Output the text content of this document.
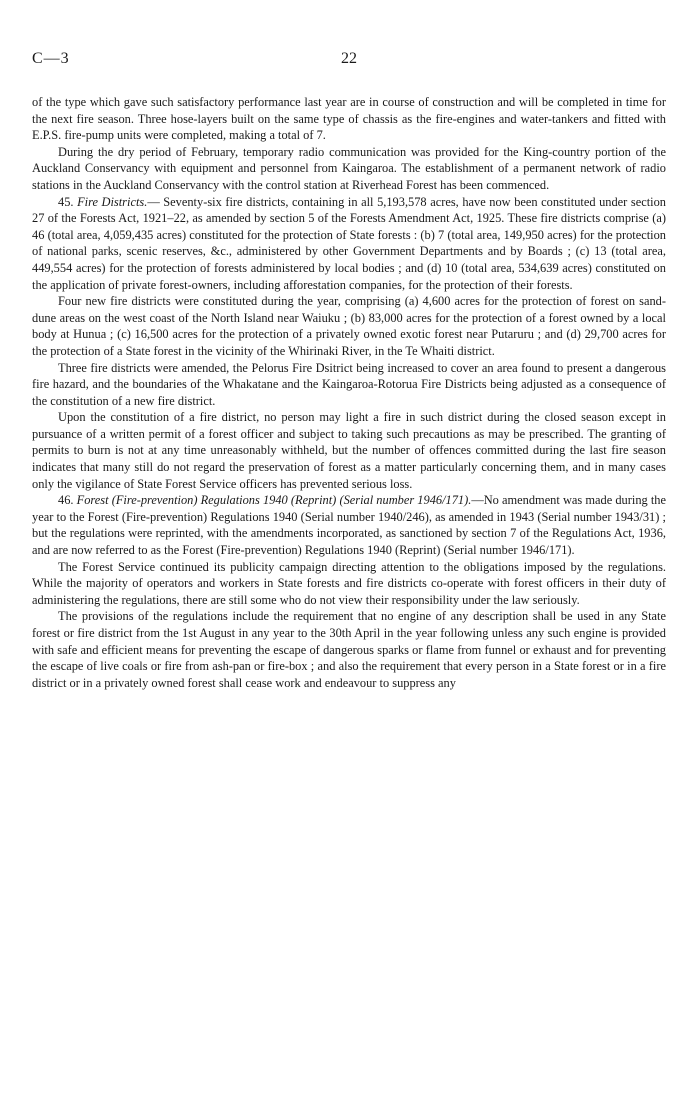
C—3	22

of the type which gave such satisfactory performance last year are in course of construction and will be completed in time for the next fire season. Three hose-layers built on the same type of chassis as the fire-engines and water-tankers and fitted with E.P.S. fire-pump units were completed, making a total of 7.

During the dry period of February, temporary radio communication was provided for the King-country portion of the Auckland Conservancy with equipment and personnel from Kaingaroa. The establishment of a permanent network of radio stations in the Auckland Conservancy with the control station at Riverhead Forest has been commenced.

45. Fire Districts.— Seventy-six fire districts, containing in all 5,193,578 acres, have now been constituted under section 27 of the Forests Act, 1921–22, as amended by section 5 of the Forests Amendment Act, 1925. These fire districts comprise (a) 46 (total area, 4,059,435 acres) constituted for the protection of State forests : (b) 7 (total area, 149,950 acres) for the protection of national parks, scenic reserves, &c., administered by other Government Departments and by Boards ; (c) 13 (total area, 449,554 acres) for the protection of forests administered by local bodies ; and (d) 10 (total area, 534,639 acres) constituted on the application of private forest-owners, including afforestation companies, for the protection of their forests.

Four new fire districts were constituted during the year, comprising (a) 4,600 acres for the protection of forest on sand-dune areas on the west coast of the North Island near Waiuku ; (b) 83,000 acres for the protection of a forest owned by a local body at Hunua ; (c) 16,500 acres for the protection of a privately owned exotic forest near Putaruru ; and (d) 29,700 acres for the protection of a State forest in the vicinity of the Whirinaki River, in the Te Whaiti district.

Three fire districts were amended, the Pelorus Fire Dsitrict being increased to cover an area found to present a dangerous fire hazard, and the boundaries of the Whakatane and the Kaingaroa-Rotorua Fire Districts being adjusted as a consequence of the constitution of a new fire district.

Upon the constitution of a fire district, no person may light a fire in such district during the closed season except in pursuance of a written permit of a forest officer and subject to taking such precautions as may be prescribed. The granting of permits to burn is not at any time unreasonably withheld, but the number of offences committed during the last fire season indicates that many still do not regard the preservation of forest as a matter particularly concerning them, and in many cases only the vigilance of State Forest Service officers has prevented serious loss.

46. Forest (Fire-prevention) Regulations 1940 (Reprint) (Serial number 1946/171).—No amendment was made during the year to the Forest (Fire-prevention) Regulations 1940 (Serial number 1940/246), as amended in 1943 (Serial number 1943/31) ; but the regulations were reprinted, with the amendments incorporated, as sanctioned by section 7 of the Regulations Act, 1936, and are now referred to as the Forest (Fire-prevention) Regulations 1940 (Reprint) (Serial number 1946/171).

The Forest Service continued its publicity campaign directing attention to the obligations imposed by the regulations. While the majority of operators and workers in State forests and fire districts co-operate with forest officers in their duty of administering the regulations, there are still some who do not view their responsibility under the law seriously.

The provisions of the regulations include the requirement that no engine of any description shall be used in any State forest or fire district from the 1st August in any year to the 30th April in the year following unless any such engine is provided with safe and efficient means for preventing the escape of dangerous sparks or flame from funnel or exhaust and for preventing the escape of live coals or fire from ash-pan or fire-box ; and also the requirement that every person in a State forest or in a fire district or in a privately owned forest shall cease work and endeavour to suppress any
